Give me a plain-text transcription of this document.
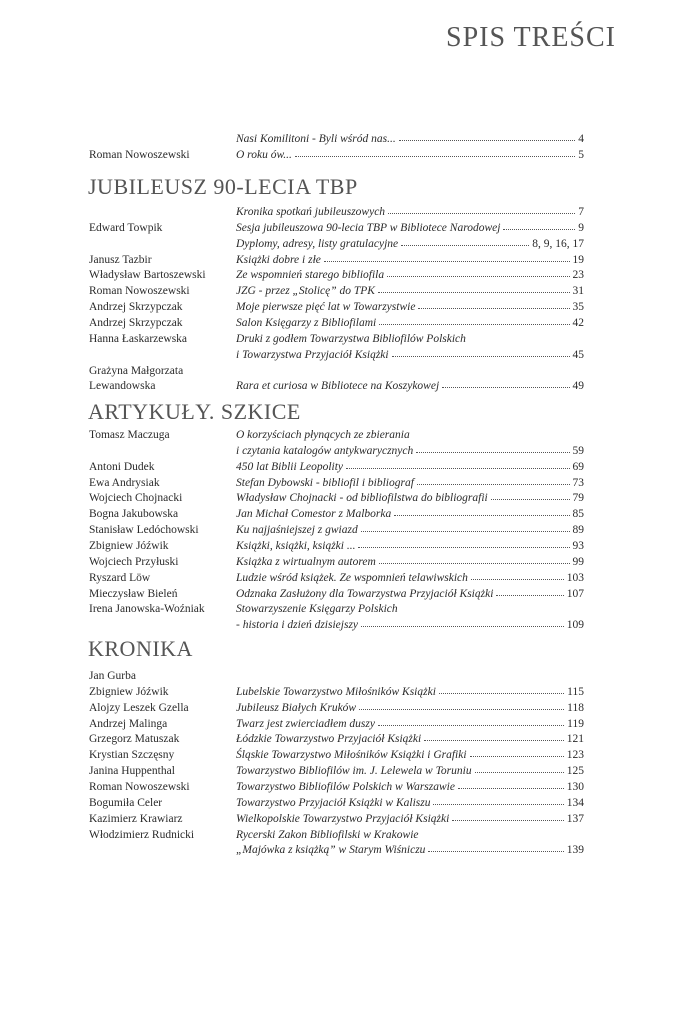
SPIS TREŚCI
Nasi Komilitoni - Byli wśród nas...	4
Roman Nowoszewski	O roku ów...	5
JUBILEUSZ 90-LECIA TBP
Kronika spotkań jubileuszowych	7
Edward Towpik	Sesja jubileuszowa 90-lecia TBP w Bibliotece Narodowej	9
Dyplomy, adresy, listy gratulacyjne	8, 9, 16, 17
Janusz Tazbir	Książki dobre i złe	19
Władysław Bartoszewski	Ze wspomnień starego bibliofila	23
Roman Nowoszewski	JZG - przez „Stolicę” do TPK	31
Andrzej Skrzypczak	Moje pierwsze pięć lat w Towarzystwie	35
Andrzej Skrzypczak	Salon Księgarzy z Bibliofilami	42
Hanna Łaskarzewska	Druki z godłem Towarzystwa Bibliofilów Polskich
i Towarzystwa Przyjaciół Książki	45
Grażyna Małgorzata
Lewandowska	Rara et curiosa w Bibliotece na Koszykowej	49
ARTYKUŁY. SZKICE
Tomasz Maczuga	O korzyściach płynących ze zbierania
i czytania katalogów antykwarycznych	59
Antoni Dudek	450 lat Biblii Leopolity	69
Ewa Andrysiak	Stefan Dybowski - bibliofil i bibliograf	73
Wojciech Chojnacki	Władysław Chojnacki - od bibliofilstwa do bibliografii	79
Bogna Jakubowska	Jan Michał Comestor z Malborka	85
Stanisław Ledóchowski	Ku najjaśniejszej z gwiazd	89
Zbigniew Jóźwik	Książki, książki, książki ...	93
Wojciech Przyłuski	Książka z wirtualnym autorem	99
Ryszard Löw	Ludzie wśród książek. Ze wspomnień telawiwskich	103
Mieczysław Bieleń	Odznaka Zasłużony dla Towarzystwa Przyjaciół Książki	107
Irena Janowska-Woźniak	Stowarzyszenie Księgarzy Polskich
- historia i dzień dzisiejszy	109
KRONIKA
Jan Gurba
Zbigniew Jóźwik	Lubelskie Towarzystwo Miłośników Książki	115
Alojzy Leszek Gzella	Jubileusz Białych Kruków	118
Andrzej Malinga	Twarz jest zwierciadłem duszy	119
Grzegorz Matuszak	Łódzkie Towarzystwo Przyjaciół Książki	121
Krystian Szczęsny	Śląskie Towarzystwo Miłośników Książki i Grafiki	123
Janina Huppenthal	Towarzystwo Bibliofilów im. J. Lelewela w Toruniu	125
Roman Nowoszewski	Towarzystwo Bibliofilów Polskich w Warszawie	130
Bogumiła Celer	Towarzystwo Przyjaciół Książki w Kaliszu	134
Kazimierz Krawiarz	Wielkopolskie Towarzystwo Przyjaciół Książki	137
Włodzimierz Rudnicki	Rycerski Zakon Bibliofilski w Krakowie
„Majówka z książką” w Starym Wiśniczu	139
